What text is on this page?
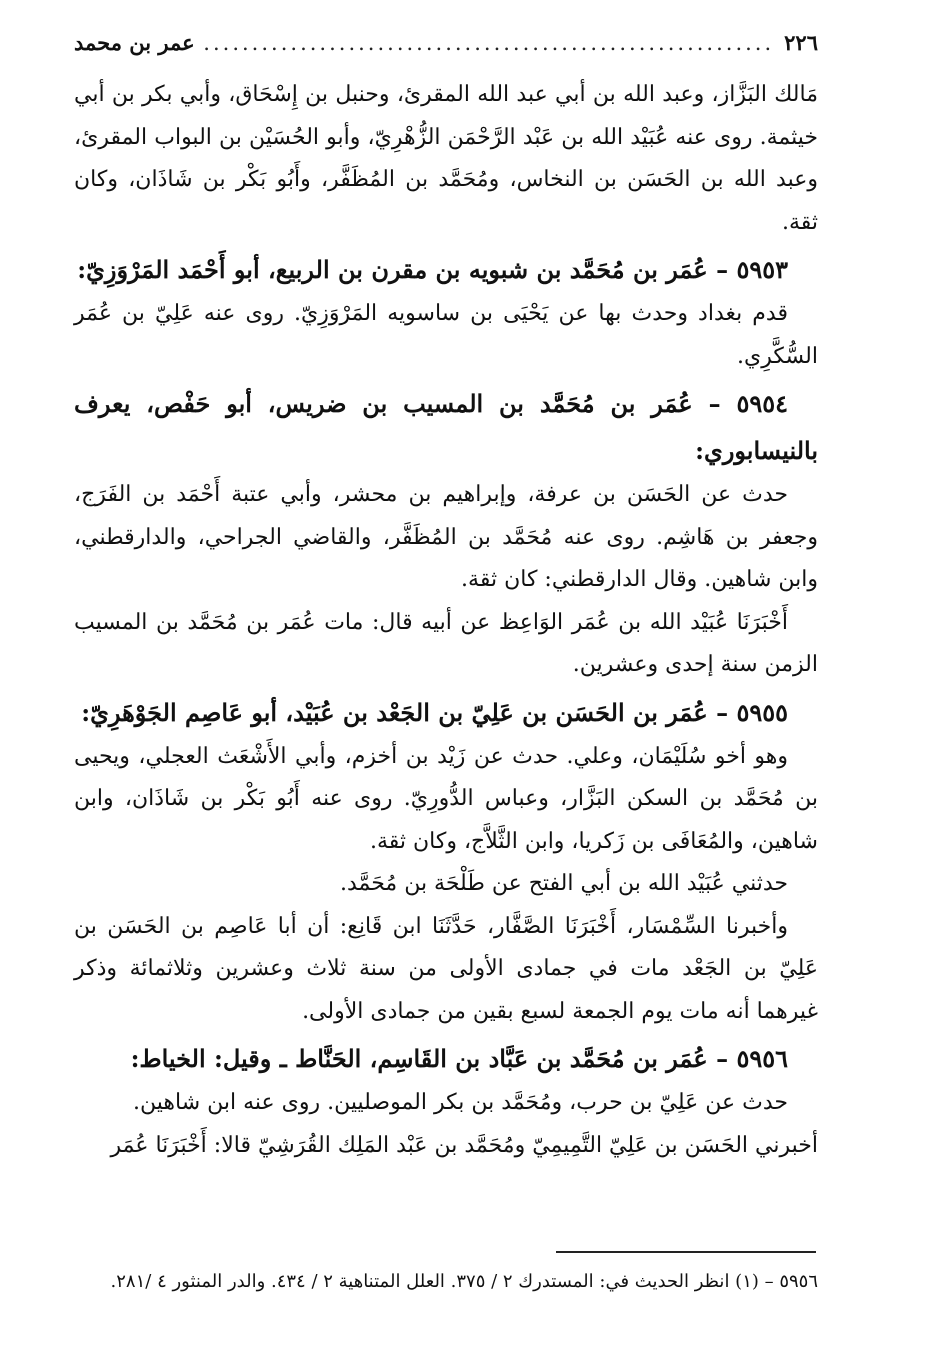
٢٢٦
.....
عمر بن محمد

مَالك البَزَّاز، وعبد الله بن أبي عبد الله المقرئ، وحنبل بن إِسْحَاق، وأبي بكر بن أبي خيثمة. روى عنه عُبَيْد الله بن عَبْد الرَّحْمَن الزُّهْرِيّ، وأبو الحُسَيْن بن البواب المقرئ، وعبد الله بن الحَسَن بن النخاس، ومُحَمَّد بن المُظَفَّر، وأَبُو بَكْر بن شَاذَان، وكان ثقة.

٥٩٥٣ – عُمَر بن مُحَمَّد بن شبويه بن مقرن بن الربيع، أبو أَحْمَد المَرْوَزِيّ:

قدم بغداد وحدث بها عن يَحْيَى بن ساسويه المَرْوَزِيّ. روى عنه عَلِيّ بن عُمَر السُّكَّرِي.

٥٩٥٤ – عُمَر بن مُحَمَّد بن المسيب بن ضريس، أبو حَفْص، يعرف بالنيسابوري:

حدث عن الحَسَن بن عرفة، وإبراهيم بن محشر، وأبي عتبة أَحْمَد بن الفَرَج، وجعفر بن هَاشِم. روى عنه مُحَمَّد بن المُظَفَّر، والقاضي الجراحي، والدارقطني، وابن شاهين. وقال الدارقطني: كان ثقة.

أَخْبَرَنَا عُبَيْد الله بن عُمَر الوَاعِظ عن أبيه قال: مات عُمَر بن مُحَمَّد بن المسيب الزمن سنة إحدى وعشرين.

٥٩٥٥ – عُمَر بن الحَسَن بن عَلِيّ بن الجَعْد بن عُبَيْد، أبو عَاصِم الجَوْهَرِيّ:

وهو أخو سُلَيْمَان، وعلي. حدث عن زَيْد بن أخزم، وأبي الأَشْعَث العجلي، ويحيى بن مُحَمَّد بن السكن البَزَّار، وعباس الدُّورِيّ. روى عنه أَبُو بَكْر بن شَاذَان، وابن شاهين، والمُعَافَى بن زَكريا، وابن الثَّلاَّج، وكان ثقة.

حدثني عُبَيْد الله بن أبي الفتح عن طَلْحَة بن مُحَمَّد.

وأخبرنا السِّمْسَار، أَخْبَرَنَا الصَّفَّار، حَدَّثَنَا ابن قَانِع: أن أبا عَاصِم بن الحَسَن بن عَلِيّ بن الجَعْد مات في جمادى الأولى من سنة ثلاث وعشرين وثلاثمائة وذكر غيرهما أنه مات يوم الجمعة لسبع بقين من جمادى الأولى.

٥٩٥٦ – عُمَر بن مُحَمَّد بن عَبَّاد بن القَاسِم، الحَنَّاط ـ وقيل: الخياط:

حدث عن عَلِيّ بن حرب، ومُحَمَّد بن بكر الموصليين. روى عنه ابن شاهين.

أخبرني الحَسَن بن عَلِيّ التَّمِيمِيّ ومُحَمَّد بن عَبْد المَلِك القُرَشِيّ قالا: أَخْبَرَنَا عُمَر

٥٩٥٦ – (١) انظر الحديث في: المستدرك ٢ / ٣٧٥. العلل المتناهية ٢ / ٤٣٤. والدر المنثور ٤ /٢٨١.
